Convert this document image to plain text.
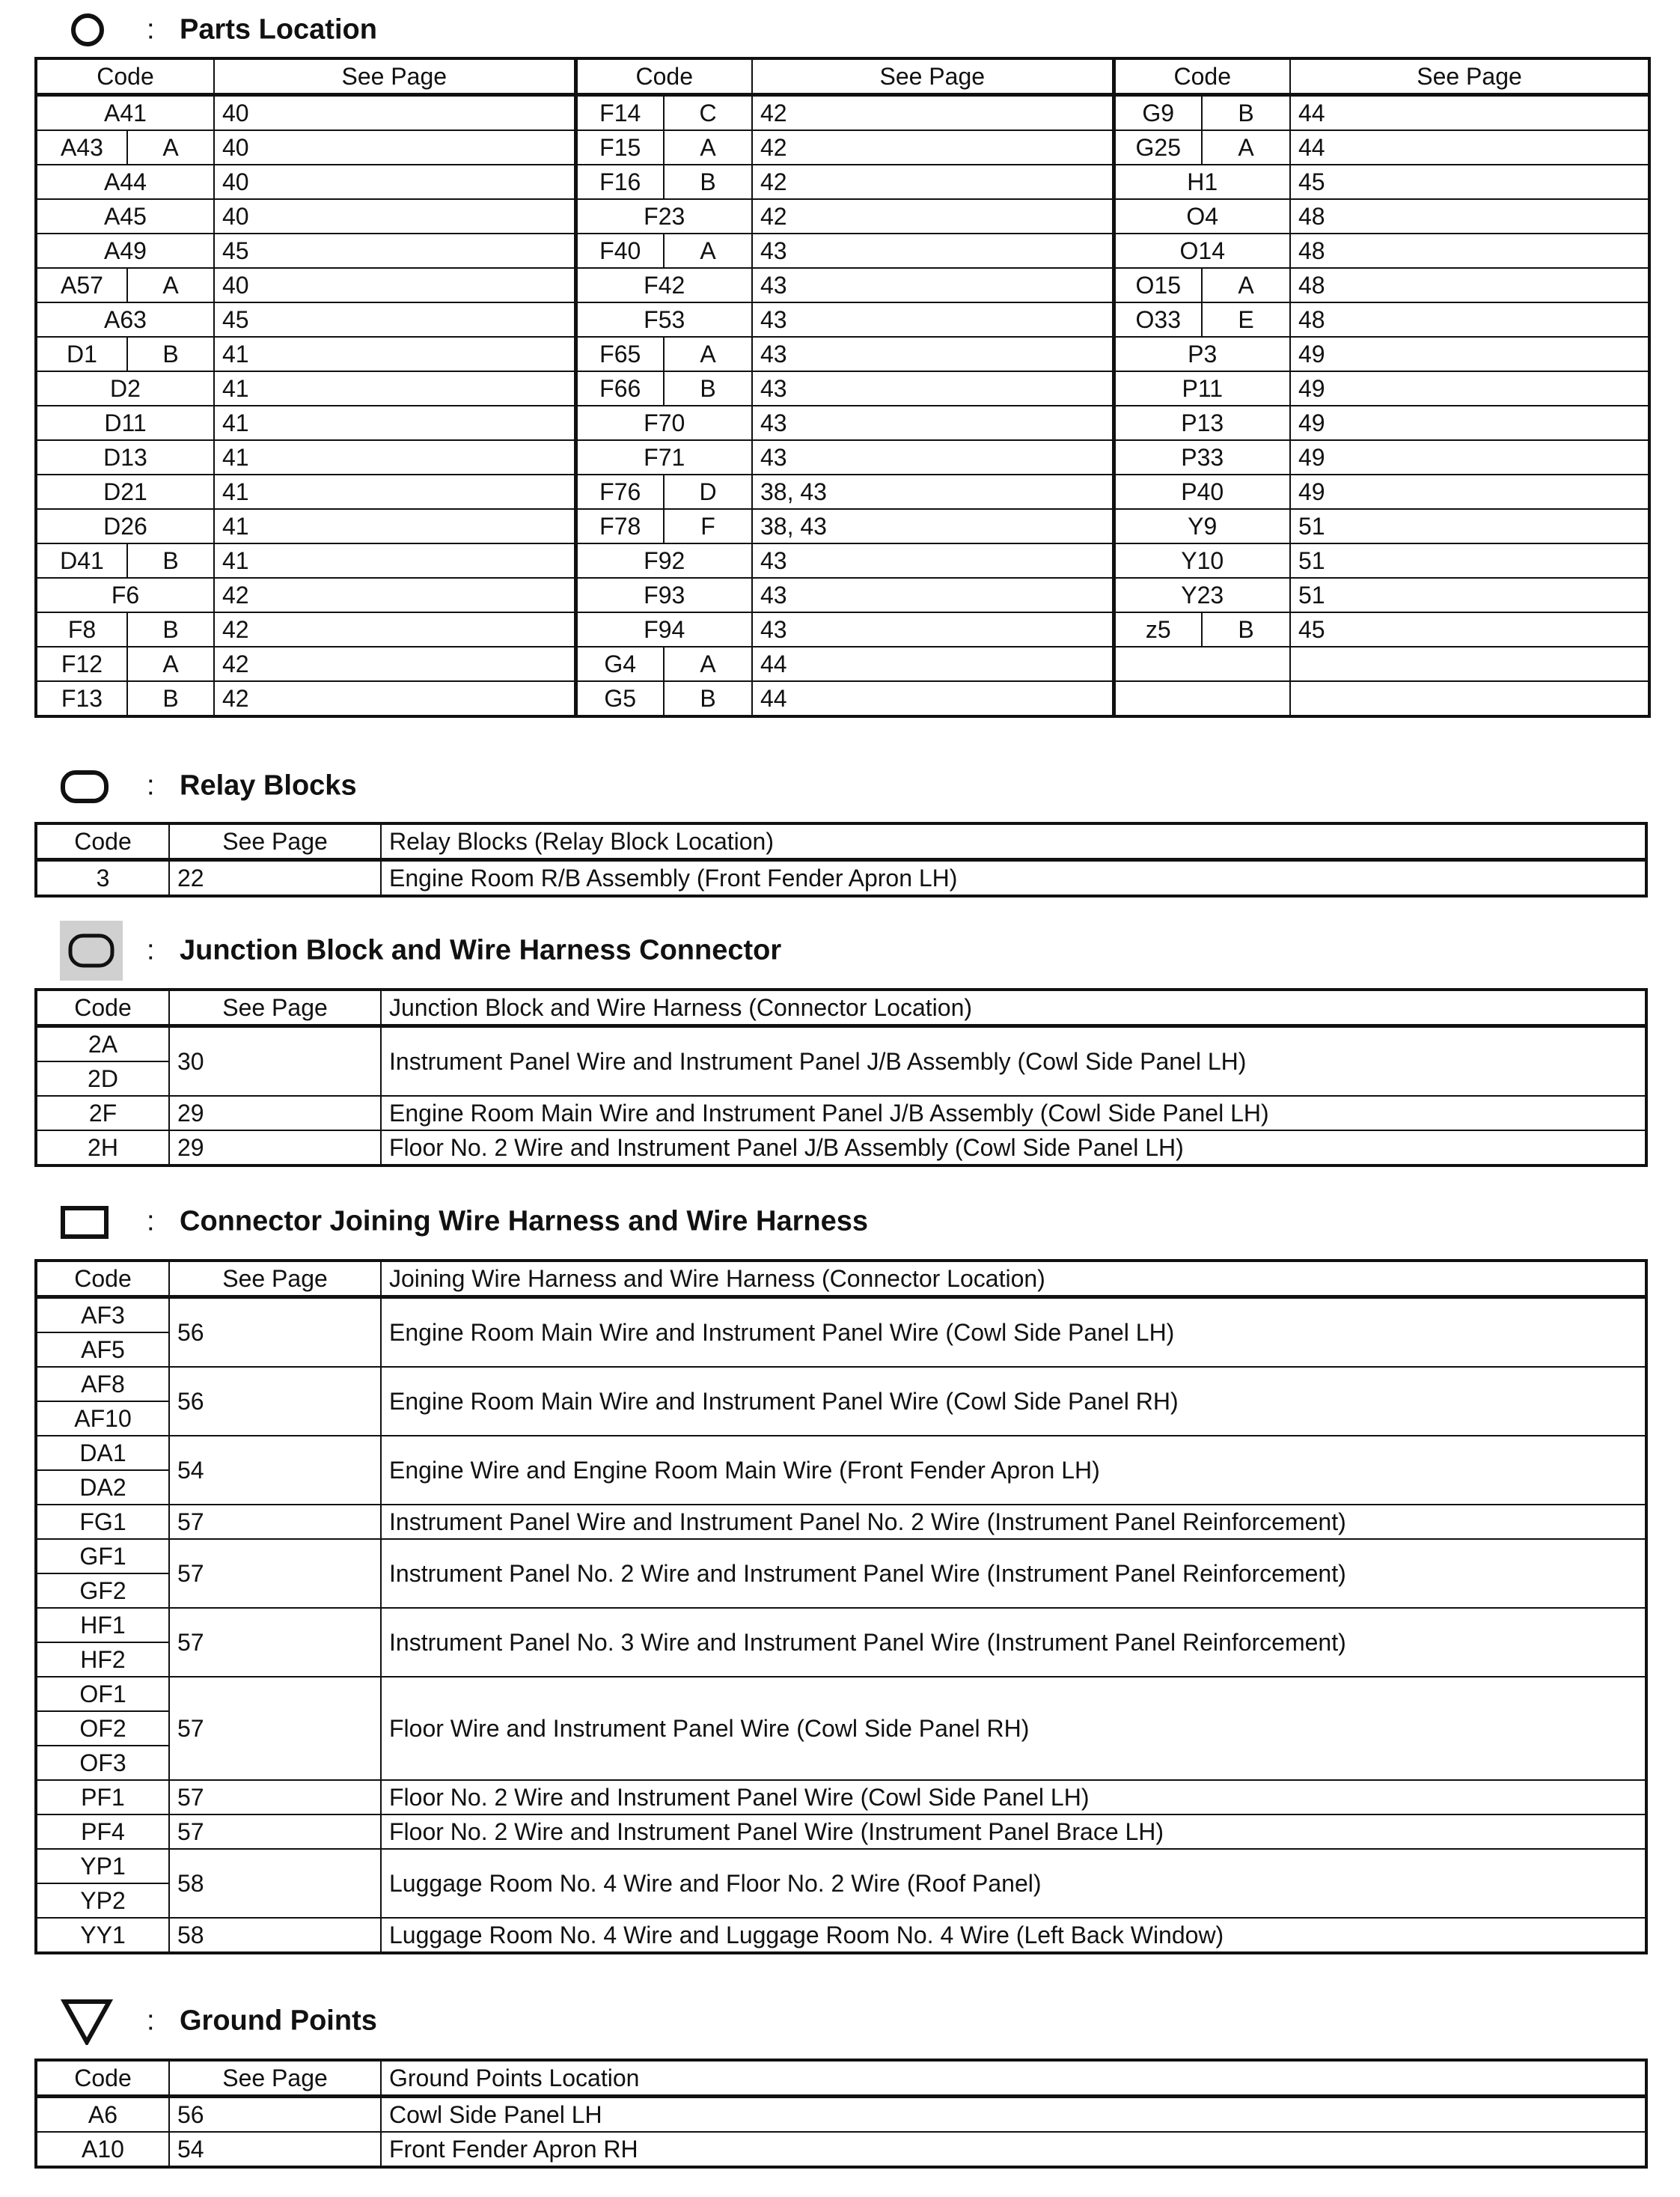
: Parts Location
Code		See Page	Code		See Page	Code		See Page
A41		40	F14	C	42	G9	B	44
A43	A	40	F15	A	42	G25	A	44
A44		40	F16	B	42	H1		45
A45		40	F23		42	O4		48
A49		45	F40	A	43	O14		48
A57	A	40	F42		43	O15	A	48
A63		45	F53		43	O33	E	48
D1	B	41	F65	A	43	P3		49
D2		41	F66	B	43	P11		49
D11		41	F70		43	P13		49
D13		41	F71		43	P33		49
D21		41	F76	D	38, 43	P40		49
D26		41	F78	F	38, 43	Y9		51
D41	B	41	F92		43	Y10		51
F6		42	F93		43	Y23		51
F8	B	42	F94		43	z5	B	45
F12	A	42	G4	A	44			
F13	B	42	G5	B	44			
: Relay Blocks
Code	See Page	Relay Blocks (Relay Block Location)
3	22	Engine Room R/B Assembly (Front Fender Apron LH)
: Junction Block and Wire Harness Connector
Code	See Page	Junction Block and Wire Harness (Connector Location)
2A	30	Instrument Panel Wire and Instrument Panel J/B Assembly (Cowl Side Panel LH)
2D		
2F	29	Engine Room Main Wire and Instrument Panel J/B Assembly (Cowl Side Panel LH)
2H	29	Floor No. 2 Wire and Instrument Panel J/B Assembly (Cowl Side Panel LH)
: Connector Joining Wire Harness and Wire Harness
Code	See Page	Joining Wire Harness and Wire Harness (Connector Location)
AF3	56	Engine Room Main Wire and Instrument Panel Wire (Cowl Side Panel LH)
AF5		
AF8	56	Engine Room Main Wire and Instrument Panel Wire (Cowl Side Panel RH)
AF10		
DA1	54	Engine Wire and Engine Room Main Wire (Front Fender Apron LH)
DA2		
FG1	57	Instrument Panel Wire and Instrument Panel No. 2 Wire (Instrument Panel Reinforcement)
GF1	57	Instrument Panel No. 2 Wire and Instrument Panel Wire (Instrument Panel Reinforcement)
GF2		
HF1	57	Instrument Panel No. 3 Wire and Instrument Panel Wire (Instrument Panel Reinforcement)
HF2		
OF1	57	Floor Wire and Instrument Panel Wire (Cowl Side Panel RH)
OF2		
OF3		
PF1	57	Floor No. 2 Wire and Instrument Panel Wire (Cowl Side Panel LH)
PF4	57	Floor No. 2 Wire and Instrument Panel Wire (Instrument Panel Brace LH)
YP1	58	Luggage Room No. 4 Wire and Floor No. 2 Wire (Roof Panel)
YP2		
YY1	58	Luggage Room No. 4 Wire and Luggage Room No. 4 Wire (Left Back Window)
: Ground Points
Code	See Page	Ground Points Location
A6	56	Cowl Side Panel LH
A10	54	Front Fender Apron RH
